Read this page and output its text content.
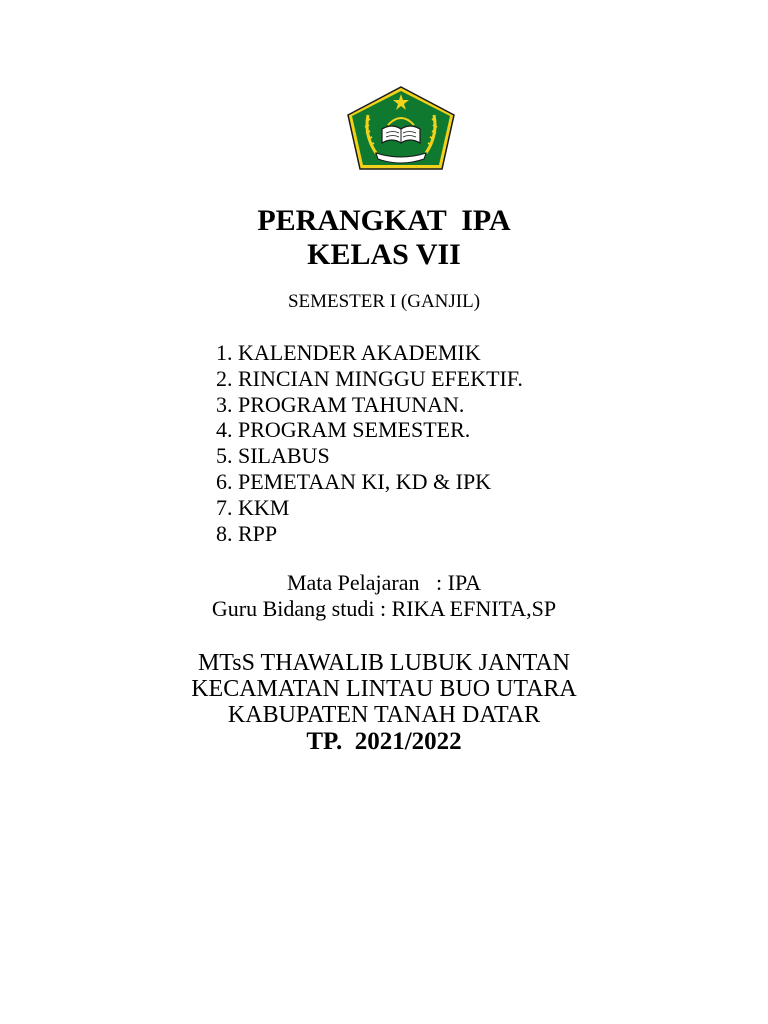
PERANGKAT  IPA
KELAS VII
SEMESTER I (GANJIL)
1. KALENDER AKADEMIK
2. RINCIAN MINGGU EFEKTIF.
3. PROGRAM TAHUNAN.
4. PROGRAM SEMESTER.
5. SILABUS
6. PEMETAAN KI, KD & IPK
7. KKM
8. RPP
Mata Pelajaran   : IPA
Guru Bidang studi : RIKA EFNITA,SP
MTsS THAWALIB LUBUK JANTAN
KECAMATAN LINTAU BUO UTARA
KABUPATEN TANAH DATAR
TP.  2021/2022
